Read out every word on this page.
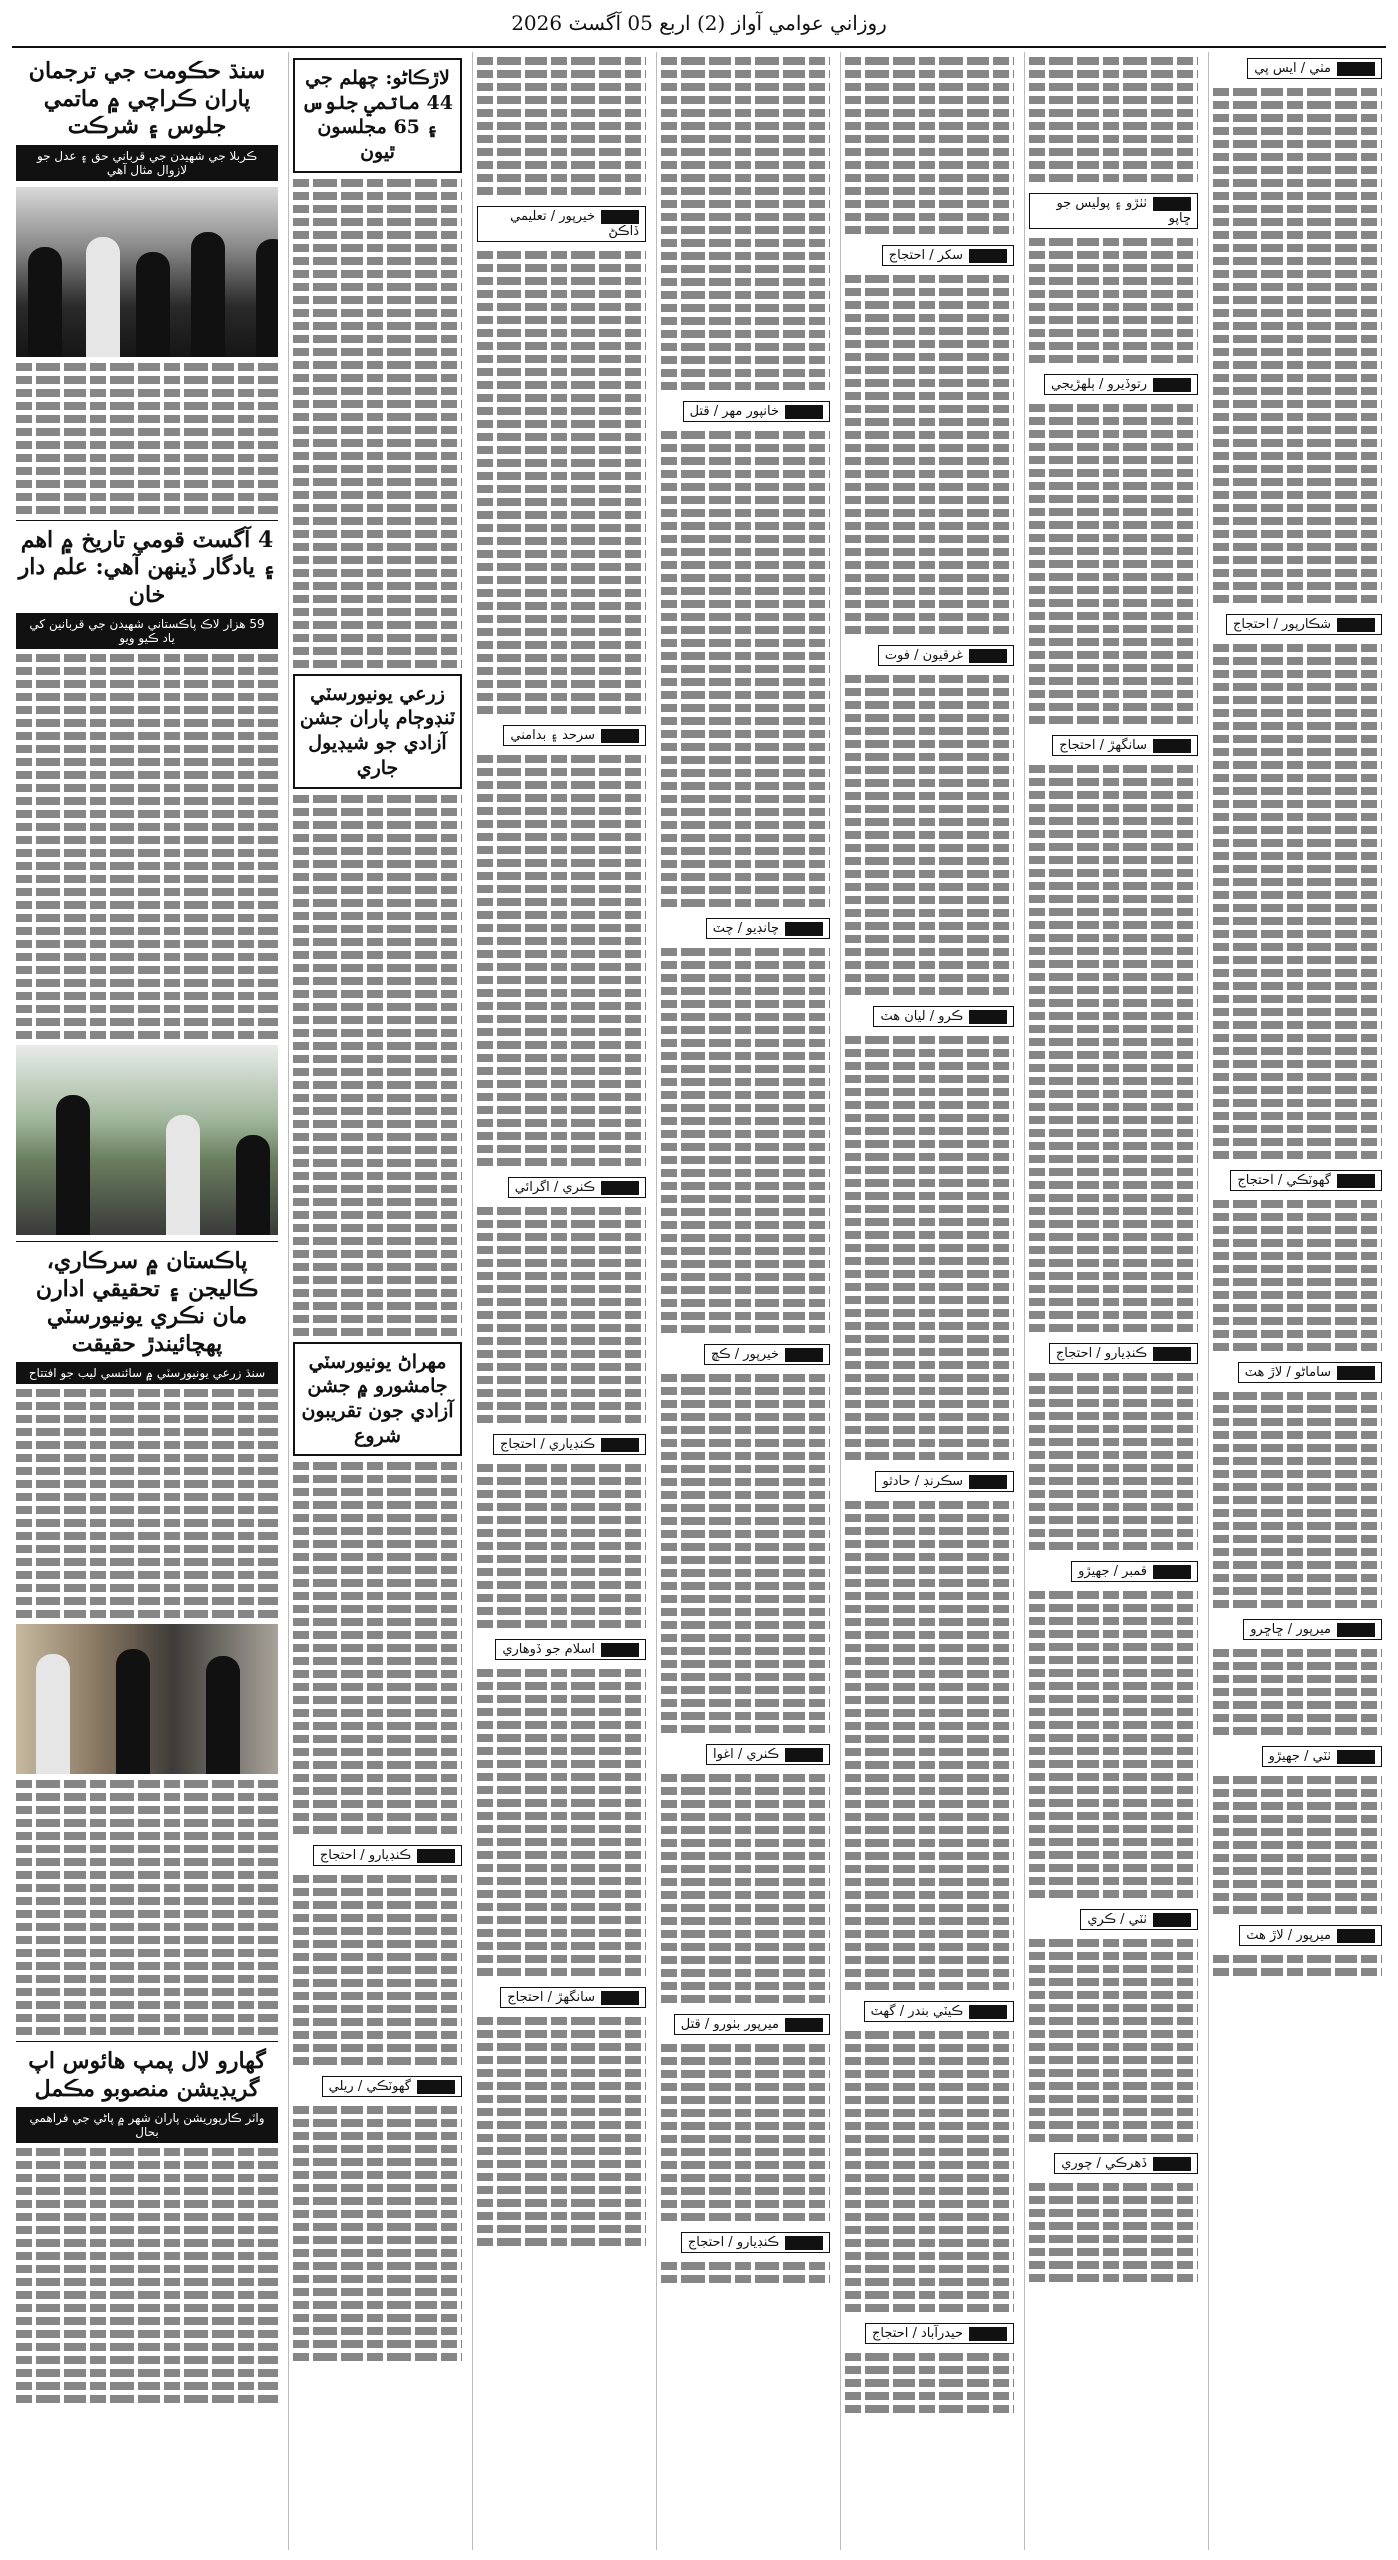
روزاني عوامي آواز (2) اربع 05 آگسٽ 2026
مٺي / ايس پي
شڪارپور / احتجاج
گهوٽڪي / احتجاج
ساماڻو / لاڙ هٽ
ميرپور / ڇاڇرو
ٺٽي / جهيڙو
ميرپور / لاڙ هٽ
ٺٺڙو ۽ پوليس جو ڇاپو
رتوڏيرو / ٻلهڙيجي
سانگھڙ / احتجاج
ڪنڊيارو / احتجاج
قمبر / جهيڙو
ٺٽي / ڪري
ڏهرڪي / چوري
سکر / احتجاج
غرقيون / فوت
ڪرو / ليان هٽ
سڪرنڊ / حادثو
ڪيٽي بندر / گهٽ
حيدرآباد / احتجاج
خانپور مهر / قتل
چانڊيو / چٽ
خيرپور / ڪڇ
ڪنري / اغوا
ميرپور بٺورو / قتل
ڪنڊيارو / احتجاج
خيرپور / تعليمي ڏاڪڻ
سرحد ۽ بدامني
ڪنري / اگرائي
ڪنڊياري / احتجاج
اسلام جو ڏوھاري
سانگھڙ / احتجاج
لاڙڪاڻو: چهلم جي 44 ماتمي جلوس ۽ 65 مجلسون ٿيون
زرعي يونيورسٽي ٽنڊوڄام پاران جشن آزادي جو شيڊيول جاري
مهراڻ يونيورسٽي جامشورو ۾ جشن آزادي جون تقريبون شروع
ڪنڊيارو / احتجاج
گهوٽڪي / ريلي
سنڌ حڪومت جي ترجمان پاران ڪراچي ۾ ماتمي جلوس ۽ شرڪت
ڪربلا جي شهيدن جي قرباني حق ۽ عدل جو لازوال مثال آهي
4 آگسٽ قومي تاريخ ۾ اهم ۽ يادگار ڏينهن آهي: علم دار خان
59 هزار لاڪ پاڪستاني شهيدن جي قربانين کي ياد ڪيو ويو
پاڪستان ۾ سرڪاري، ڪاليجن ۽ تحقيقي ادارن مان نڪري يونيورسٽي پهچائيندڙ حقيقت
سنڌ زرعي يونيورسٽي ۾ سائنسي ليب جو افتتاح
گهارو لال پمپ هائوس اپ گريڊيشن منصوبو مڪمل
واٽر ڪارپوريشن پاران شهر ۾ پاڻي جي فراهمي بحال
